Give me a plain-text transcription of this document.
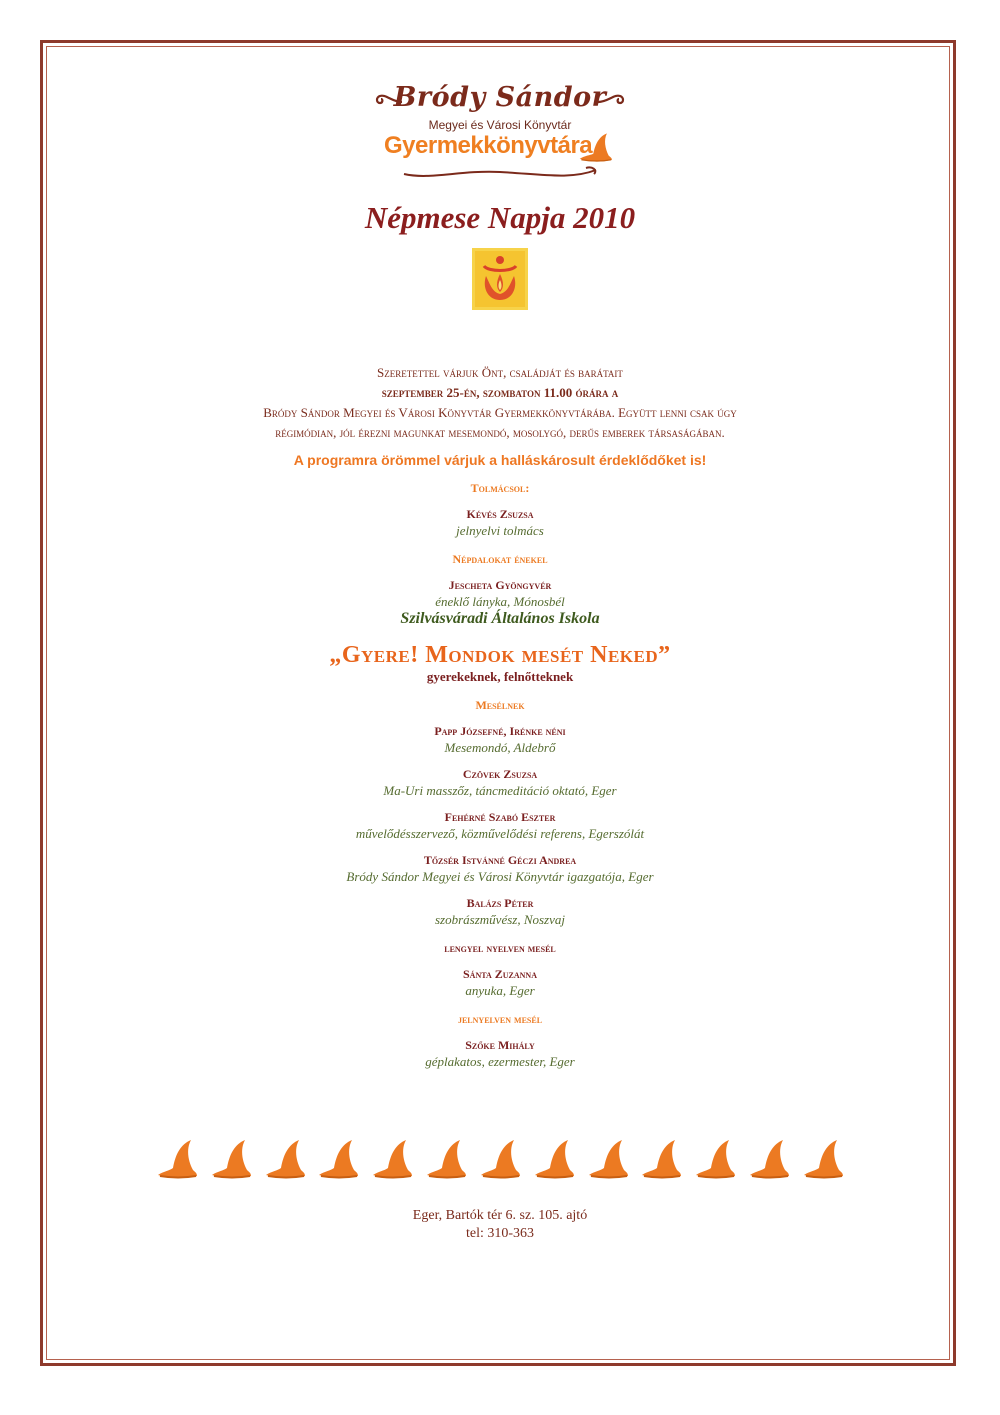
Bródy Sándor
Megyei és Városi Könyvtár
Gyermekkönyvtára
Népmese Napja 2010
Szeretettel várjuk Önt, családját és barátait
szeptember 25-én, szombaton 11.00 órára a
Bródy Sándor Megyei és Városi Könyvtár Gyermekkönyvtárába. Együtt lenni csak úgy
régimódian, jól érezni magunkat mesemondó, mosolygó, derűs emberek társaságában.
A programra örömmel várjuk a halláskárosult érdeklődőket is!
Tolmácsol:
Kévés Zsuzsa
jelnyelvi tolmács
Népdalokat énekel
Jescheta Gyöngyvér
éneklő lányka, Mónosbél
Szilvásváradi Általános Iskola
„Gyere! Mondok mesét Neked”
gyerekeknek, felnőtteknek
Mesélnek
Papp Józsefné, Irénke néni
Mesemondó, Aldebrő
Czövek Zsuzsa
Ma-Uri masszőz, táncmeditáció oktató, Eger
Fehérné Szabó Eszter
művelődésszervező, közművelődési referens, Egerszólát
Tőzsér Istvánné Géczi Andrea
Bródy Sándor Megyei és Városi Könyvtár igazgatója, Eger
Balázs Péter
szobrászművész, Noszvaj
lengyel nyelven mesél
Sánta Zuzanna
anyuka, Eger
jelnyelven mesél
Szőke Mihály
géplakatos, ezermester, Eger
Eger, Bartók tér 6. sz. 105. ajtó
tel: 310-363
